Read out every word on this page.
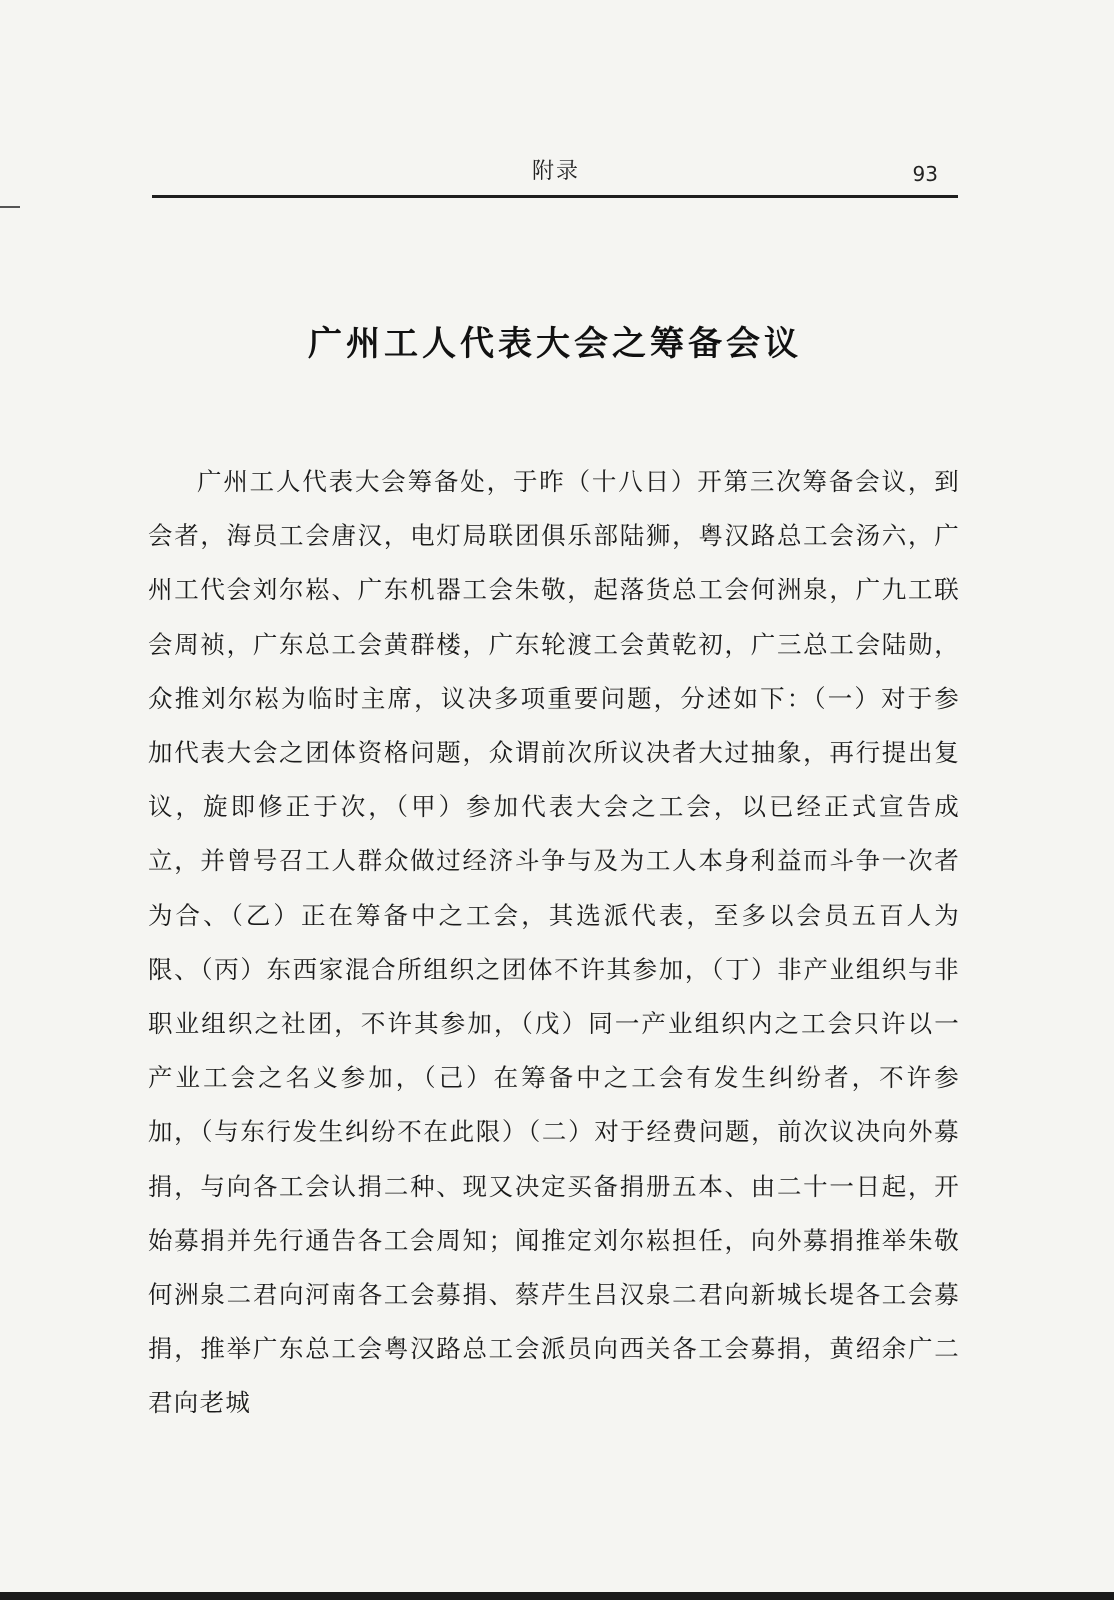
附录	93
广州工人代表大会之筹备会议

广州工人代表大会筹备处，于昨（十八日）开第三次筹备会议，到会者，海员工会唐汉，电灯局联团俱乐部陆狮，粤汉路总工会汤六，广州工代会刘尔崧、广东机器工会朱敬，起落货总工会何洲泉，广九工联会周祯，广东总工会黄群楼，广东轮渡工会黄乾初，广三总工会陆勋，众推刘尔崧为临时主席，议决多项重要问题，分述如下：（一）对于参加代表大会之团体资格问题，众谓前次所议决者大过抽象，再行提出复议，旋即修正于次，（甲）参加代表大会之工会，以已经正式宣告成立，并曾号召工人群众做过经济斗争与及为工人本身利益而斗争一次者为合、（乙）正在筹备中之工会，其选派代表，至多以会员五百人为限、（丙）东西家混合所组织之团体不许其参加，（丁）非产业组织与非职业组织之社团，不许其参加，（戊）同一产业组织内之工会只许以一产业工会之名义参加，（己）在筹备中之工会有发生纠纷者，不许参加，（与东行发生纠纷不在此限）（二）对于经费问题，前次议决向外募捐，与向各工会认捐二种、现又决定买备捐册五本、由二十一日起，开始募捐并先行通告各工会周知；闻推定刘尔崧担任，向外募捐推举朱敬何洲泉二君向河南各工会募捐、蔡芹生吕汉泉二君向新城长堤各工会募捐，推举广东总工会粤汉路总工会派员向西关各工会募捐，黄绍余广二君向老城
